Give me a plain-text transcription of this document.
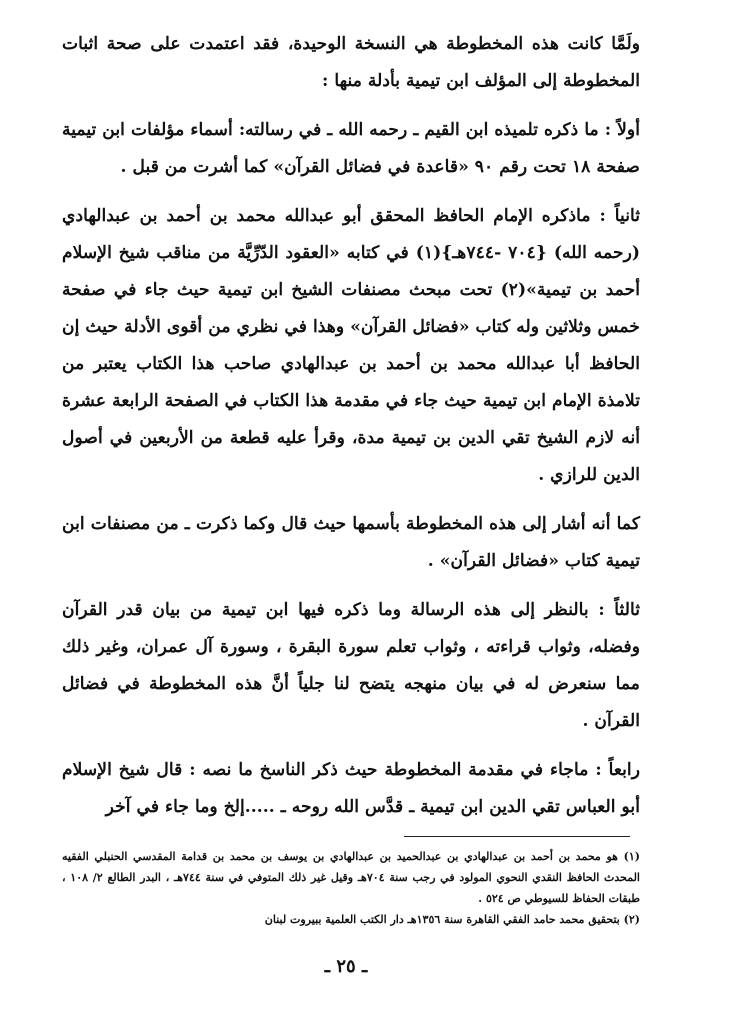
ولَمَّا كانت هذه المخطوطة هي النسخة الوحيدة، فقد اعتمدت على صحة اثبات المخطوطة إلى المؤلف ابن تيمية بأدلة منها :

أولاً : ما ذكره تلميذه ابن القيم ـ رحمه الله ـ في رسالته: أسماء مؤلفات ابن تيمية صفحة ١٨ تحت رقم ٩٠ «قاعدة في فضائل القرآن» كما أشرت من قبل .

ثانياً : ماذكره الإمام الحافظ المحقق أبو عبدالله محمد بن أحمد بن عبدالهادي (رحمه الله) {٧٠٤ -٧٤٤هـ}(١) في كتابه «العقود الدّرِّيَّة من مناقب شيخ الإسلام أحمد بن تيمية»(٢) تحت مبحث مصنفات الشيخ ابن تيمية حيث جاء في صفحة خمس وثلاثين وله كتاب «فضائل القرآن» وهذا في نظري من أقوى الأدلة حيث إن الحافظ أبا عبدالله محمد بن أحمد بن عبدالهادي صاحب هذا الكتاب يعتبر من تلامذة الإمام ابن تيمية حيث جاء في مقدمة هذا الكتاب في الصفحة الرابعة عشرة أنه لازم الشيخ تقي الدين بن تيمية مدة، وقرأ عليه قطعة من الأربعين في أصول الدين للرازي .

كما أنه أشار إلى هذه المخطوطة بأسمها حيث قال وكما ذكرت ـ من مصنفات ابن تيمية كتاب «فضائل القرآن» .

ثالثاً : بالنظر إلى هذه الرسالة وما ذكره فيها ابن تيمية من بيان قدر القرآن وفضله، وثواب قراءته ، وثواب تعلم سورة البقرة ، وسورة آل عمران، وغير ذلك مما سنعرض له في بيان منهجه يتضح لنا جلياً أنَّ هذه المخطوطة في فضائل القرآن .

رابعاً : ماجاء في مقدمة المخطوطة حيث ذكر الناسخ ما نصه : قال شيخ الإسلام أبو العباس تقي الدين ابن تيمية ـ قدَّس الله روحه ـ .....إلخ وما جاء في آخر

(١) هو محمد بن أحمد بن عبدالهادي بن عبدالحميد بن عبدالهادي بن يوسف بن محمد بن قدامة المقدسي الحنبلي الفقيه المحدث الحافظ النقدي النحوي المولود في رجب سنة ٧٠٤هـ وقيل غير ذلك المتوفي في سنة ٧٤٤هـ ، البدر الطالع ٢/ ١٠٨ ، طبقات الحفاظ للسيوطي ص ٥٢٤ .

(٢) بتحقيق محمد حامد الفقي القاهرة سنة ١٣٥٦هـ دار الكتب العلمية ببيروت لبنان

ـ ٢٥ ـ
